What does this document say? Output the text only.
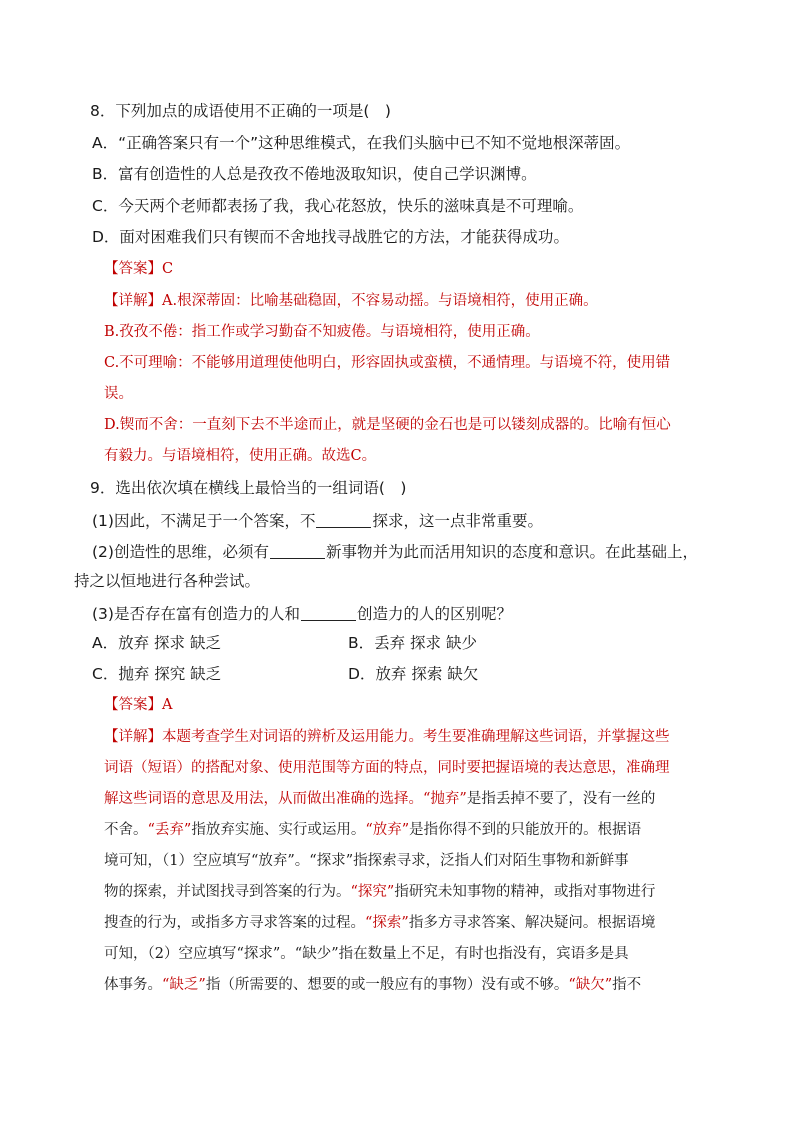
8．下列加点的成语使用不正确的一项是(　)
A．“正确答案只有一个”这种思维模式，在我们头脑中已不知不觉地根深蒂固。
B．富有创造性的人总是孜孜不倦地汲取知识，使自己学识渊博。
C．今天两个老师都表扬了我，我心花怒放，快乐的滋味真是不可理喻。
D．面对困难我们只有锲而不舍地找寻战胜它的方法，才能获得成功。
【答案】C
【详解】A.根深蒂固：比喻基础稳固，不容易动摇。与语境相符，使用正确。
B.孜孜不倦：指工作或学习勤奋不知疲倦。与语境相符，使用正确。
C.不可理喻：不能够用道理使他明白，形容固执或蛮横，不通情理。与语境不符，使用错
误。
D.锲而不舍：一直刻下去不半途而止，就是坚硬的金石也是可以镂刻成器的。比喻有恒心
有毅力。与语境相符，使用正确。故选C。
9．选出依次填在横线上最恰当的一组词语(　)
(1)因此，不满足于一个答案，不	探求，这一点非常重要。
(2)创造性的思维，必须有	新事物并为此而活用知识的态度和意识。在此基础上，
持之以恒地进行各种尝试。
(3)是否存在富有创造力的人和	创造力的人的区别呢？
A．放弃 探求 缺乏	B．丢弃 探求 缺少
C．抛弃 探究 缺乏	D．放弃 探索 缺欠
【答案】A
【详解】本题考查学生对词语的辨析及运用能力。考生要准确理解这些词语，并掌握这些
词语（短语）的搭配对象、使用范围等方面的特点，同时要把握语境的表达意思，准确理
解这些词语的意思及用法，从而做出准确的选择。“抛弃”是指丢掉不要了，没有一丝的
不舍。“丢弃”指放弃实施、实行或运用。“放弃”是指你得不到的只能放开的。根据语
境可知，（1）空应填写“放弃”。“探求”指探索寻求，泛指人们对陌生事物和新鲜事
物的探索，并试图找寻到答案的行为。“探究”指研究未知事物的精神，或指对事物进行
搜查的行为，或指多方寻求答案的过程。“探索”指多方寻求答案、解决疑问。根据语境
可知，（2）空应填写“探求”。“缺少”指在数量上不足，有时也指没有，宾语多是具
体事务。“缺乏”指（所需要的、想要的或一般应有的事物）没有或不够。“缺欠”指不
